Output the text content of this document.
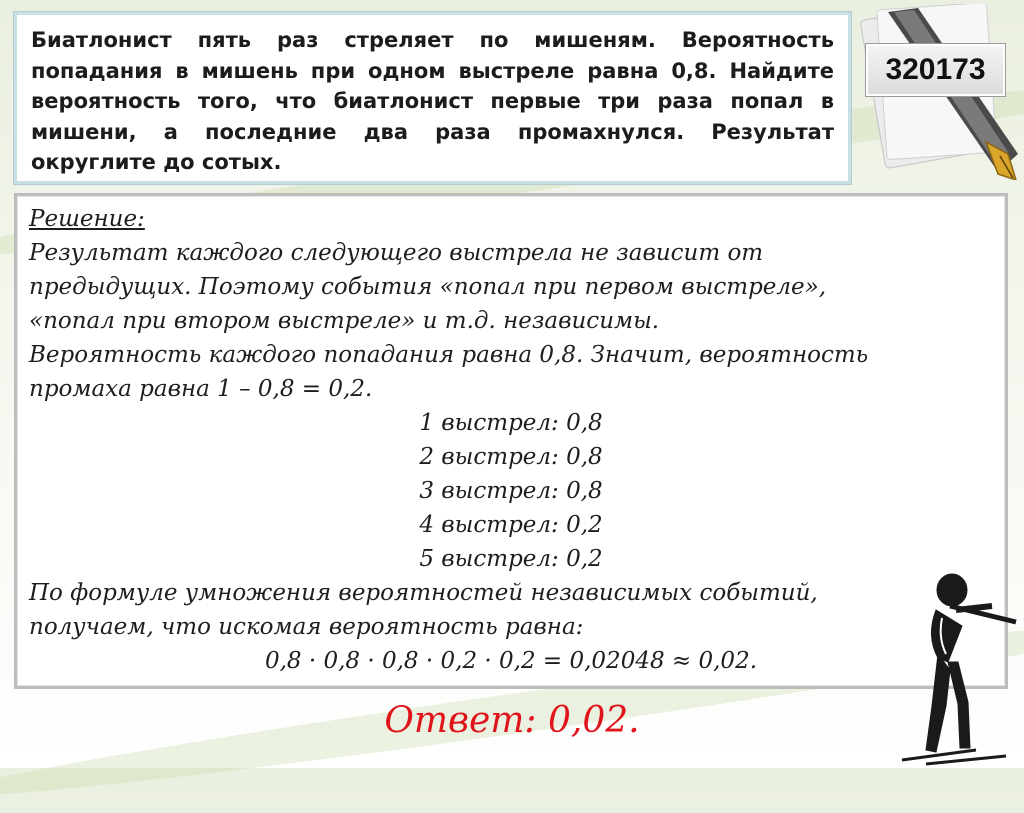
Биатлонист пять раз стреляет по мишеням. Вероятность попадания в мишень при одном выстреле равна 0,8. Найдите вероятность того, что биатлонист первые три раза попал в мишени, а последние два раза промахнулся. Результат округлите до сотых.

320173

Решение:

Результат каждого следующего выстрела не зависит от

предыдущих. Поэтому события «попал при первом выстреле»,

«попал при втором выстреле» и т.д. независимы.

Вероятность каждого попадания равна 0,8. Значит, вероятность

промаха равна 1 – 0,8 = 0,2.

1 выстрел: 0,8

2 выстрел: 0,8

3 выстрел: 0,8

4 выстрел: 0,2

5 выстрел: 0,2

По формуле умножения вероятностей независимых событий,

получаем, что искомая вероятность равна:

0,8 · 0,8 · 0,8 · 0,2 · 0,2 = 0,02048 ≈ 0,02.

Ответ: 0,02.
